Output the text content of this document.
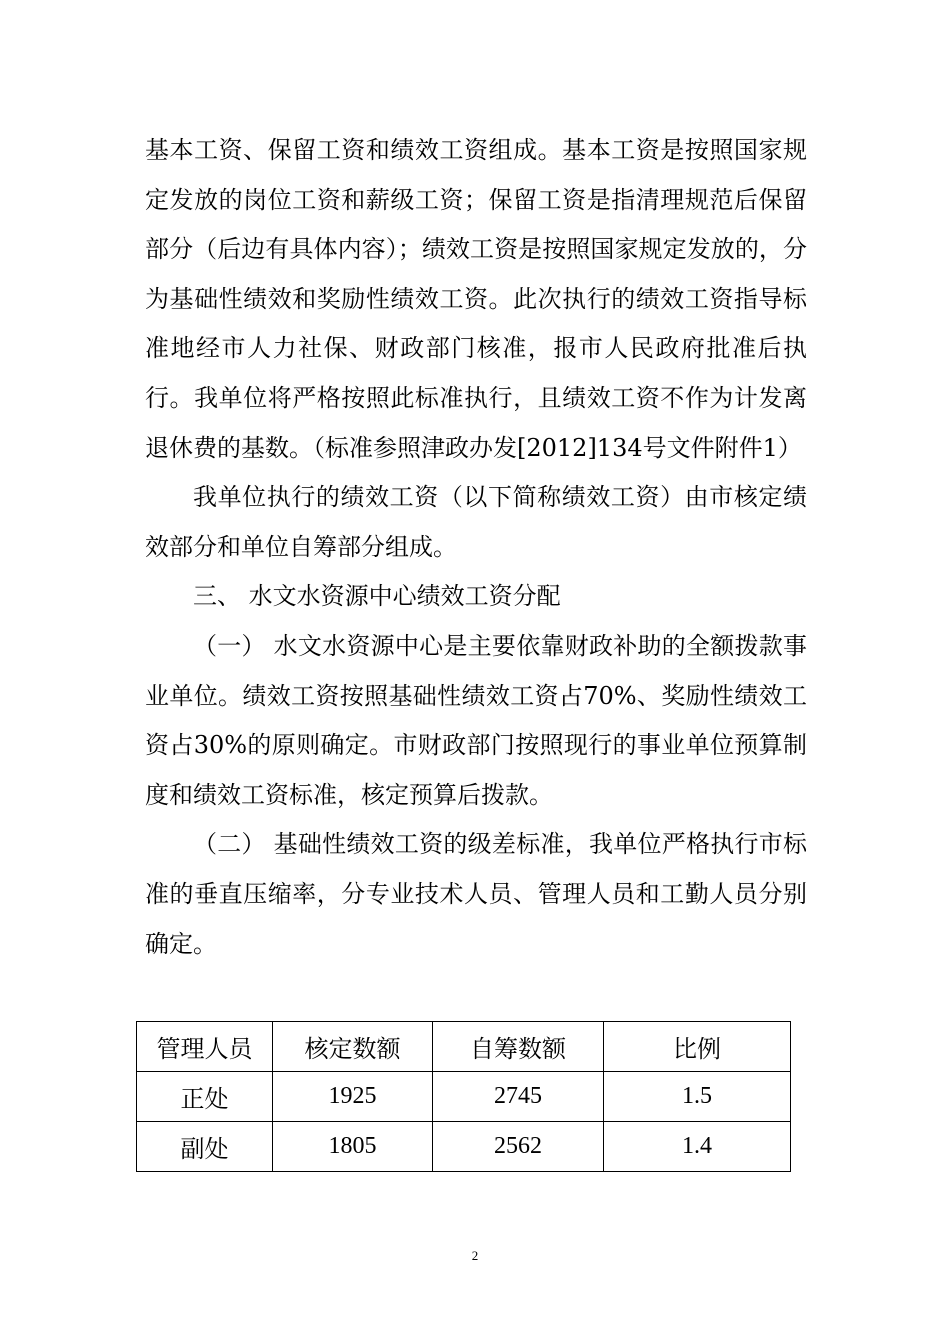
基本工资、保留工资和绩效工资组成。基本工资是按照国家规定发放的岗位工资和薪级工资；保留工资是指清理规范后保留部分（后边有具体内容）；绩效工资是按照国家规定发放的，分为基础性绩效和奖励性绩效工资。此次执行的绩效工资指导标准地经市人力社保、财政部门核准，报市人民政府批准后执行。我单位将严格按照此标准执行，且绩效工资不作为计发离退休费的基数。（标准参照津政办发[2012]134号文件附件1）

我单位执行的绩效工资（以下简称绩效工资）由市核定绩效部分和单位自筹部分组成。

三、 水文水资源中心绩效工资分配

（一） 水文水资源中心是主要依靠财政补助的全额拨款事业单位。绩效工资按照基础性绩效工资占70%、奖励性绩效工资占30%的原则确定。市财政部门按照现行的事业单位预算制度和绩效工资标准，核定预算后拨款。

（二） 基础性绩效工资的级差标准，我单位严格执行市标准的垂直压缩率，分专业技术人员、管理人员和工勤人员分别确定。

管理人员	核定数额	自筹数额	比例
正处	1925	2745	1.5
副处	1805	2562	1.4
2
